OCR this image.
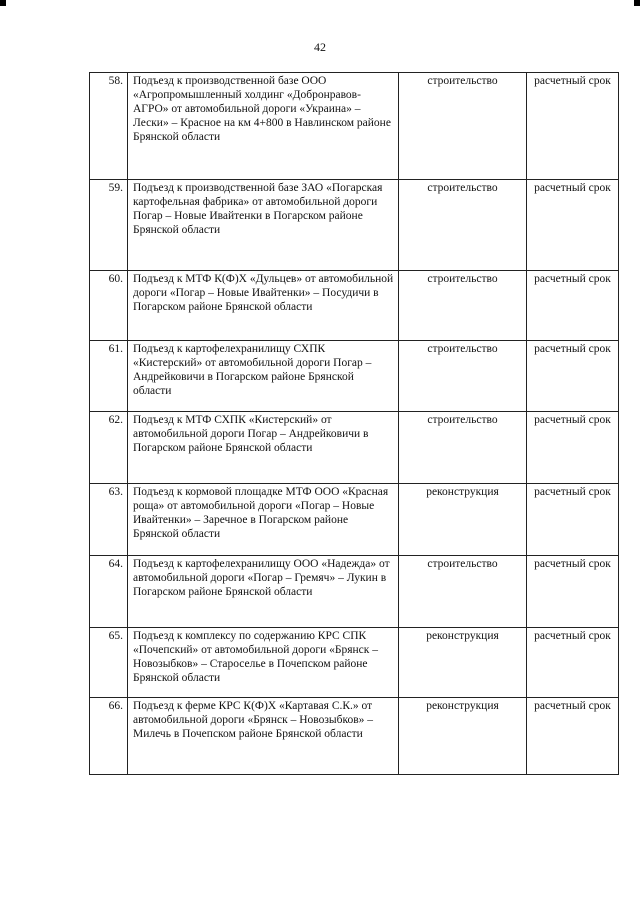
42
58.	Подъезд к производственной базе ООО «Агропромышленный холдинг «Добронравов-АГРО» от автомобильной дороги «Украина» – Лески» – Красное на км 4+800 в Навлинском районе Брянской области	строительство	расчетный срок
59.	Подъезд к производственной базе ЗАО «Погарская картофельная фабрика» от автомобильной дороги Погар – Новые Ивайтенки в Погарском районе Брянской области	строительство	расчетный срок
60.	Подъезд к МТФ К(Ф)Х «Дульцев» от автомобильной дороги «Погар – Новые Ивайтенки» – Посудичи в Погарском районе Брянской области	строительство	расчетный срок
61.	Подъезд к картофелехранилищу СХПК «Кистерский» от автомобильной дороги Погар – Андрейковичи в Погарском районе Брянской области	строительство	расчетный срок
62.	Подъезд к МТФ СХПК «Кистерский» от автомобильной дороги Погар – Андрейковичи в Погарском районе Брянской области	строительство	расчетный срок
63.	Подъезд к кормовой площадке МТФ ООО «Красная роща» от автомобильной дороги «Погар – Новые Ивайтенки» – Заречное в Погарском районе Брянской области	реконструкция	расчетный срок
64.	Подъезд к картофелехранилищу ООО «Надежда» от автомобильной дороги «Погар – Гремяч» – Лукин в Погарском районе Брянской области	строительство	расчетный срок
65.	Подъезд к комплексу по содержанию КРС СПК «Почепский» от автомобильной дороги «Брянск – Новозыбков» – Староселье в Почепском районе Брянской области	реконструкция	расчетный срок
66.	Подъезд к ферме КРС К(Ф)Х «Картавая С.К.» от автомобильной дороги «Брянск – Новозыбков» – Милечь в Почепском районе Брянской области	реконструкция	расчетный срок
